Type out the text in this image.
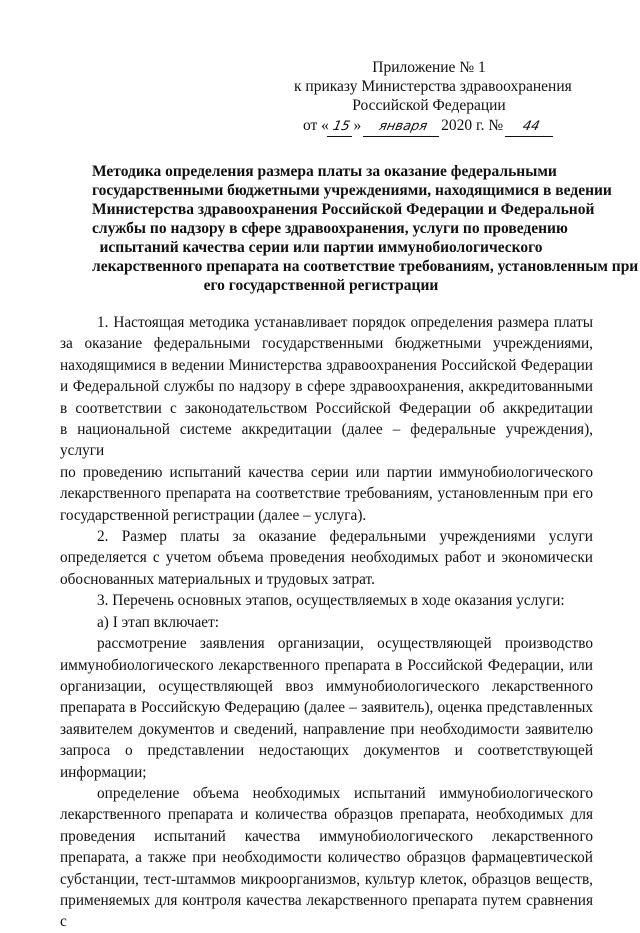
Приложение № 1
к приказу Министерства здравоохранения
Российской Федерации
от « 15 » января 2020 г. № 44
Методика определения размера платы за оказание федеральными
государственными бюджетными учреждениями, находящимися в ведении
Министерства здравоохранения Российской Федерации и Федеральной
службы по надзору в сфере здравоохранения, услуги по проведению
испытаний качества серии или партии иммунобиологического
лекарственного препарата на соответствие требованиям, установленным при
его государственной регистрации

1. Настоящая методика устанавливает порядок определения размера платы
за оказание федеральными государственными бюджетными учреждениями,
находящимися в ведении Министерства здравоохранения Российской Федерации
и Федеральной службы по надзору в сфере здравоохранения, аккредитованными
в соответствии с законодательством Российской Федерации об аккредитации
в национальной системе аккредитации (далее – федеральные учреждения), услуги
по проведению испытаний качества серии или партии иммунобиологического
лекарственного препарата на соответствие требованиям, установленным при его
государственной регистрации (далее – услуга).

2. Размер платы за оказание федеральными учреждениями услуги
определяется с учетом объема проведения необходимых работ и экономически
обоснованных материальных и трудовых затрат.

3. Перечень основных этапов, осуществляемых в ходе оказания услуги:

а) I этап включает:

рассмотрение заявления организации, осуществляющей производство
иммунобиологического лекарственного препарата в Российской Федерации, или
организации, осуществляющей ввоз иммунобиологического лекарственного
препарата в Российскую Федерацию (далее – заявитель), оценка представленных
заявителем документов и сведений, направление при необходимости заявителю
запроса о представлении недостающих документов и соответствующей
информации;

определение объема необходимых испытаний иммунобиологического
лекарственного препарата и количества образцов препарата, необходимых для
проведения испытаний качества иммунобиологического лекарственного
препарата, а также при необходимости количество образцов фармацевтической
субстанции, тест-штаммов микроорганизмов, культур клеток, образцов веществ,
применяемых для контроля качества лекарственного препарата путем сравнения с
